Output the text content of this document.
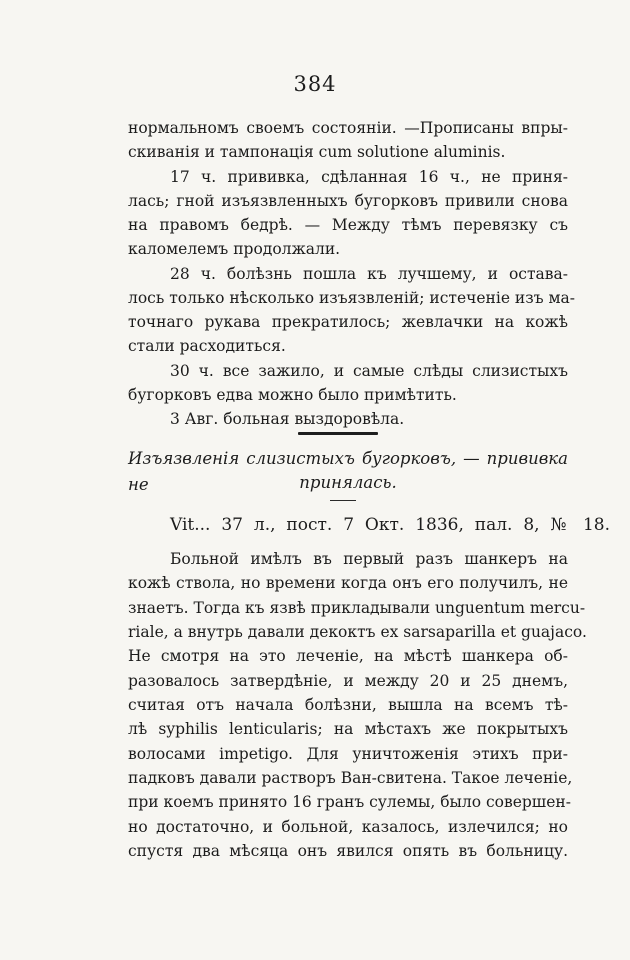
384
нормальномъ своемъ состояніи. —Прописаны впры-
скиванія и тампонація cum solutione aluminis.
17 ч. прививка, сдѣланная 16 ч., не приня-
лась; гной изъязвленныхъ бугорковъ привили снова
на правомъ бедрѣ. — Между тѣмъ перевязку съ
каломелемъ продолжали.
28 ч. болѣзнь пошла къ лучшему, и остава-
лось только нѣсколько изъязвленій; истеченіе изъ ма-
точнаго рукава прекратилось; жевлачки на кожѣ
стали расходиться.
30 ч. все зажило, и самые слѣды слизистыхъ
бугорковъ едва можно было примѣтить.
3 Авг. больная выздоровѣла.
Изъязвленія слизистыхъ бугорковъ, — прививка не	принялась.
Vit... 37 л., пост. 7 Окт. 1836, пал. 8, № 18.
Больной имѣлъ въ первый разъ шанкеръ на
кожѣ ствола, но времени когда онъ его получилъ, не
знаетъ. Тогда къ язвѣ прикладывали unguentum mercu-
riale, а внутрь давали декоктъ ex sarsaparilla et guajaco.
Не смотря на это леченіе, на мѣстѣ шанкера об-
разовалось затвердѣніе, и между 20 и 25 днемъ,
считая отъ начала болѣзни, вышла на всемъ тѣ-
лѣ syphilis lenticularis; на мѣстахъ же покрытыхъ
волосами impetigo. Для уничтоженія этихъ при-
падковъ давали растворъ Ван-свитена. Такое леченіе,
при коемъ принято 16 гранъ сулемы, было совершен-
но достаточно, и больной, казалось, излечился; но
спустя два мѣсяца онъ явился опять въ больницу.
